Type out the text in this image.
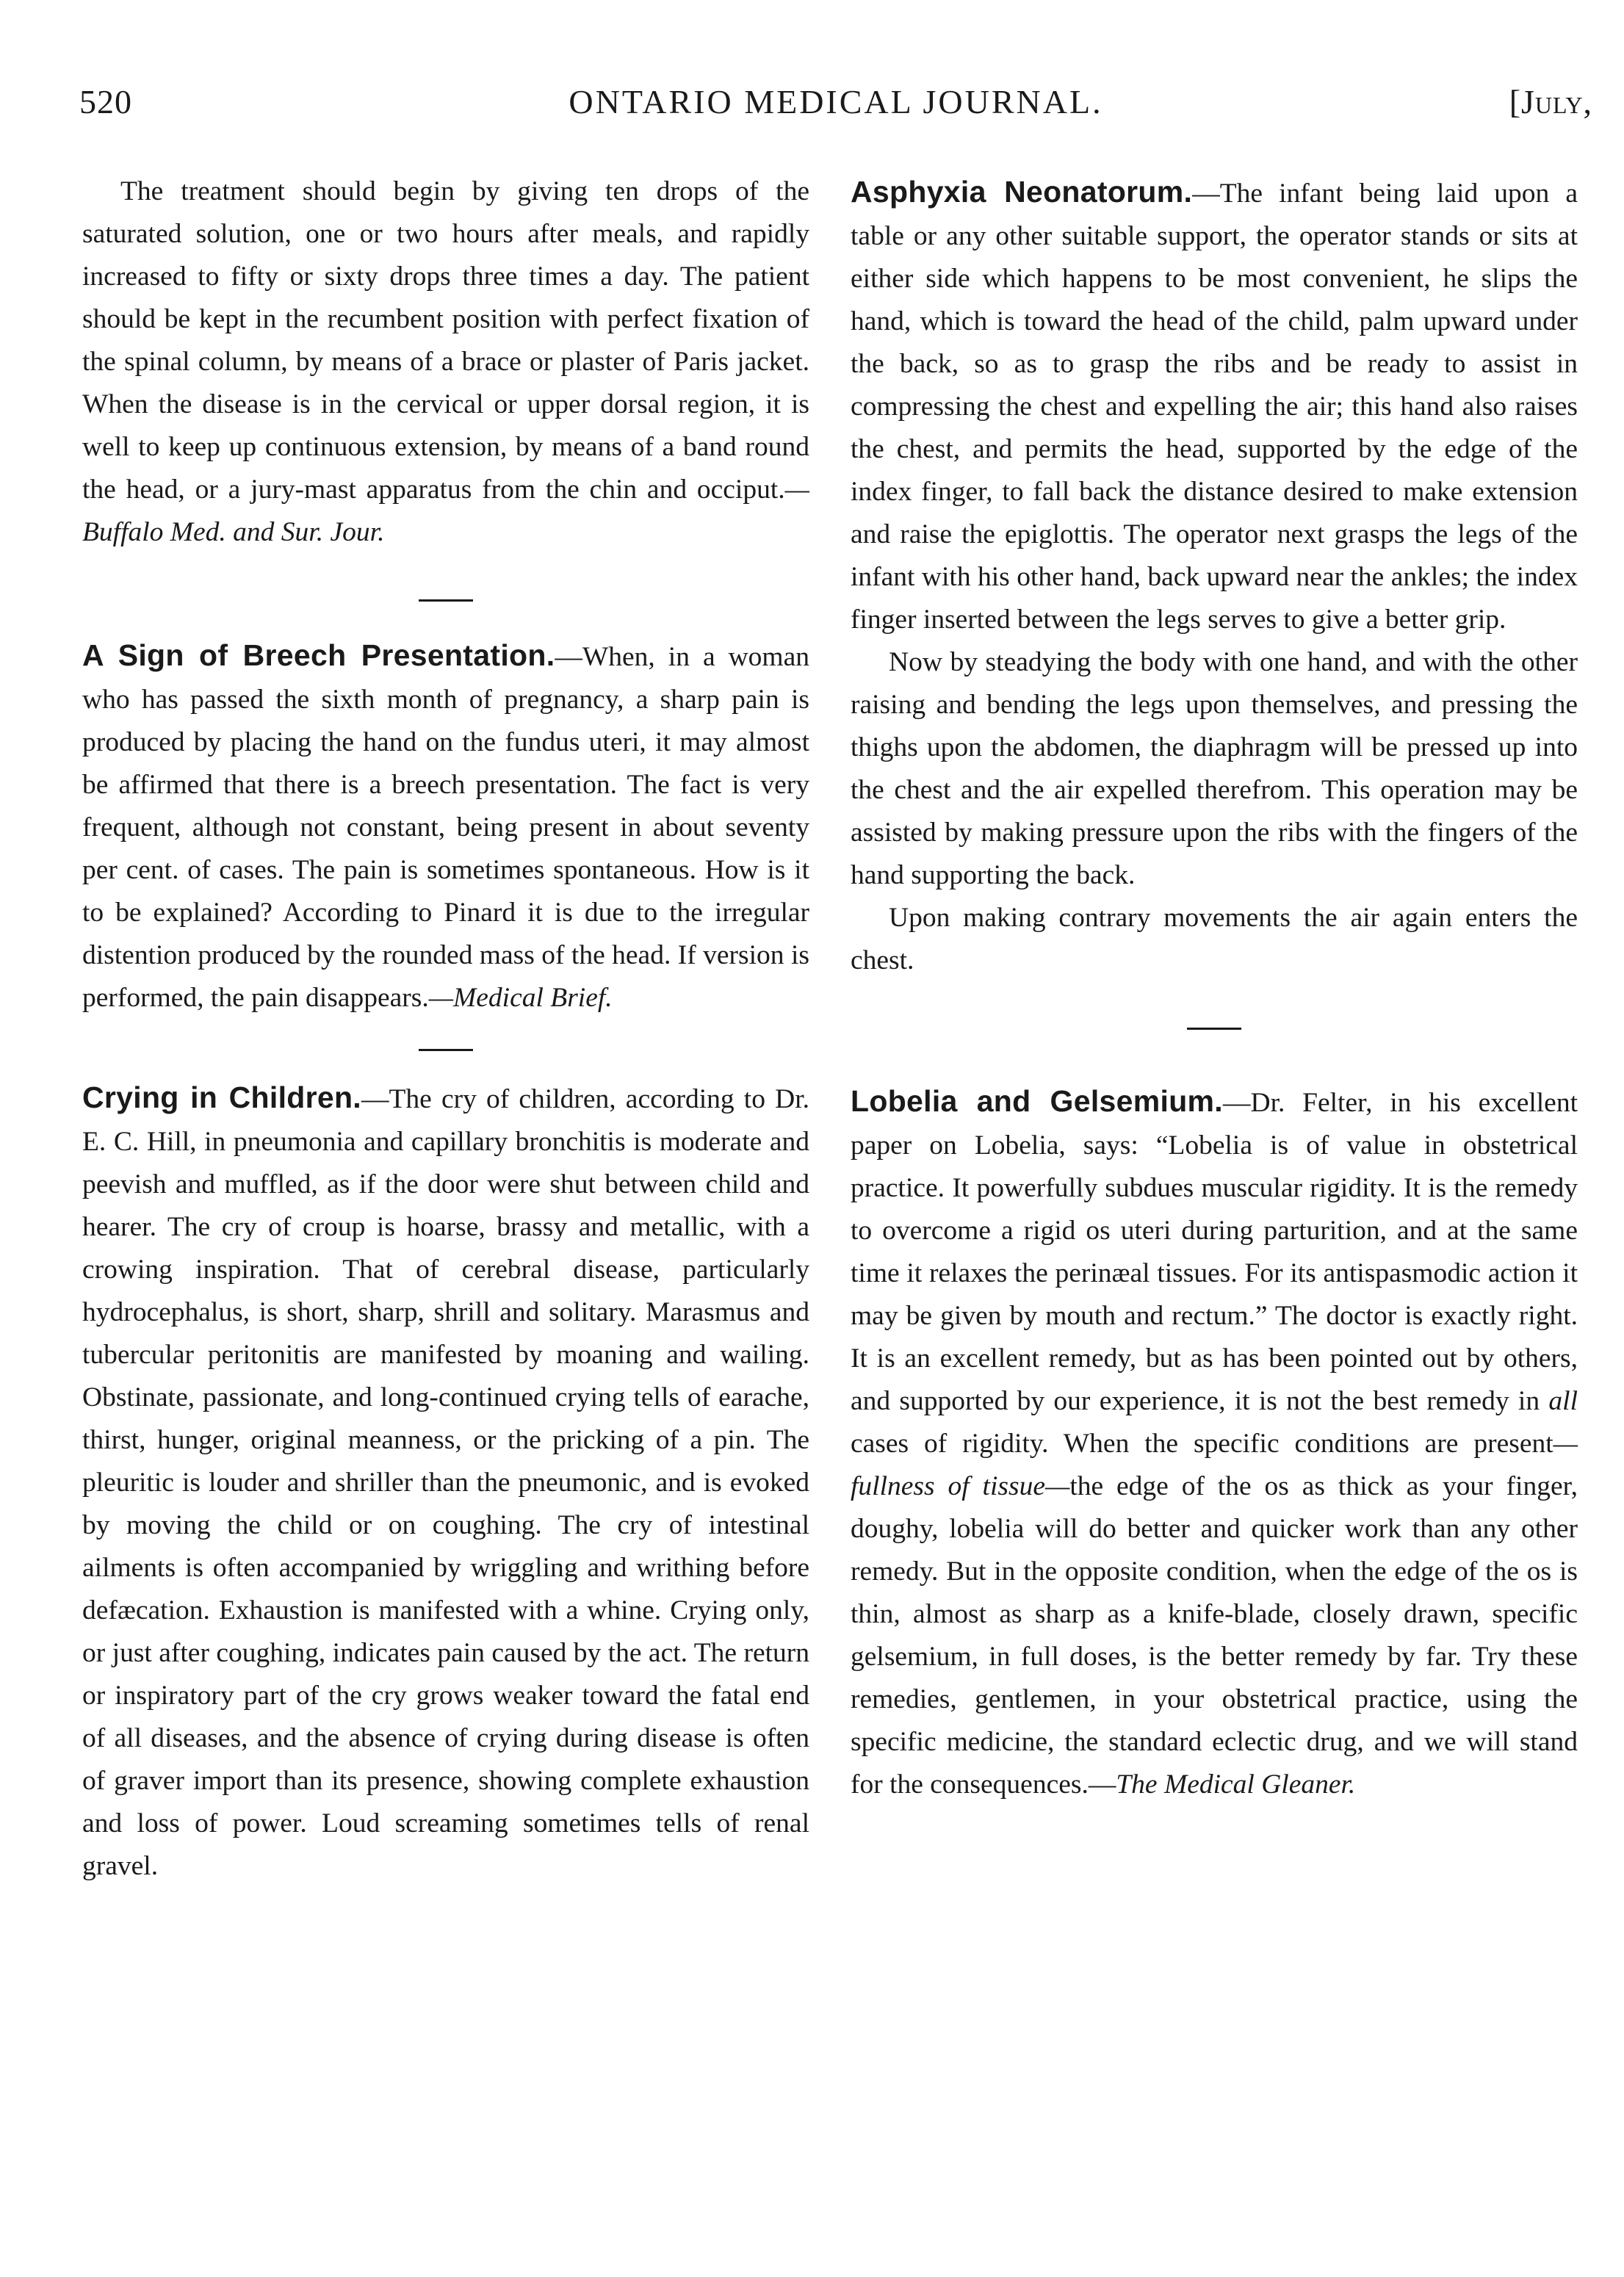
520	ONTARIO MEDICAL JOURNAL.	[July,

The treatment should begin by giving ten drops of the saturated solution, one or two hours after meals, and rapidly increased to fifty or sixty drops three times a day. The patient should be kept in the recumbent position with perfect fixation of the spinal column, by means of a brace or plaster of Paris jacket. When the disease is in the cervical or upper dorsal region, it is well to keep up continuous extension, by means of a band round the head, or a jury-mast apparatus from the chin and occiput.—Buffalo Med. and Sur. Jour.

A Sign of Breech Presentation.—When, in a woman who has passed the sixth month of pregnancy, a sharp pain is produced by placing the hand on the fundus uteri, it may almost be affirmed that there is a breech presentation. The fact is very frequent, although not constant, being present in about seventy per cent. of cases. The pain is sometimes spontaneous. How is it to be explained? According to Pinard it is due to the irregular distention produced by the rounded mass of the head. If version is performed, the pain disappears.—Medical Brief.

Crying in Children.—The cry of children, according to Dr. E. C. Hill, in pneumonia and capillary bronchitis is moderate and peevish and muffled, as if the door were shut between child and hearer. The cry of croup is hoarse, brassy and metallic, with a crowing inspiration. That of cerebral disease, particularly hydrocephalus, is short, sharp, shrill and solitary. Marasmus and tubercular peritonitis are manifested by moaning and wailing. Obstinate, passionate, and long-continued crying tells of earache, thirst, hunger, original meanness, or the pricking of a pin. The pleuritic is louder and shriller than the pneumonic, and is evoked by moving the child or on coughing. The cry of intestinal ailments is often accompanied by wriggling and writhing before defæcation. Exhaustion is manifested with a whine. Crying only, or just after coughing, indicates pain caused by the act. The return or inspiratory part of the cry grows weaker toward the fatal end of all diseases, and the absence of crying during disease is often of graver import than its presence, showing complete exhaustion and loss of power. Loud screaming sometimes tells of renal gravel.

Asphyxia Neonatorum.—The infant being laid upon a table or any other suitable support, the operator stands or sits at either side which happens to be most convenient, he slips the hand, which is toward the head of the child, palm upward under the back, so as to grasp the ribs and be ready to assist in compressing the chest and expelling the air; this hand also raises the chest, and permits the head, supported by the edge of the index finger, to fall back the distance desired to make extension and raise the epiglottis. The operator next grasps the legs of the infant with his other hand, back upward near the ankles; the index finger inserted between the legs serves to give a better grip.

Now by steadying the body with one hand, and with the other raising and bending the legs upon themselves, and pressing the thighs upon the abdomen, the diaphragm will be pressed up into the chest and the air expelled therefrom. This operation may be assisted by making pressure upon the ribs with the fingers of the hand supporting the back.

Upon making contrary movements the air again enters the chest.

Lobelia and Gelsemium.—Dr. Felter, in his excellent paper on Lobelia, says: “Lobelia is of value in obstetrical practice. It powerfully subdues muscular rigidity. It is the remedy to overcome a rigid os uteri during parturition, and at the same time it relaxes the perinæal tissues. For its antispasmodic action it may be given by mouth and rectum.” The doctor is exactly right. It is an excellent remedy, but as has been pointed out by others, and supported by our experience, it is not the best remedy in all cases of rigidity. When the specific conditions are present—fullness of tissue—the edge of the os as thick as your finger, doughy, lobelia will do better and quicker work than any other remedy. But in the opposite condition, when the edge of the os is thin, almost as sharp as a knife-blade, closely drawn, specific gelsemium, in full doses, is the better remedy by far. Try these remedies, gentlemen, in your obstetrical practice, using the specific medicine, the standard eclectic drug, and we will stand for the consequences.—The Medical Gleaner.
